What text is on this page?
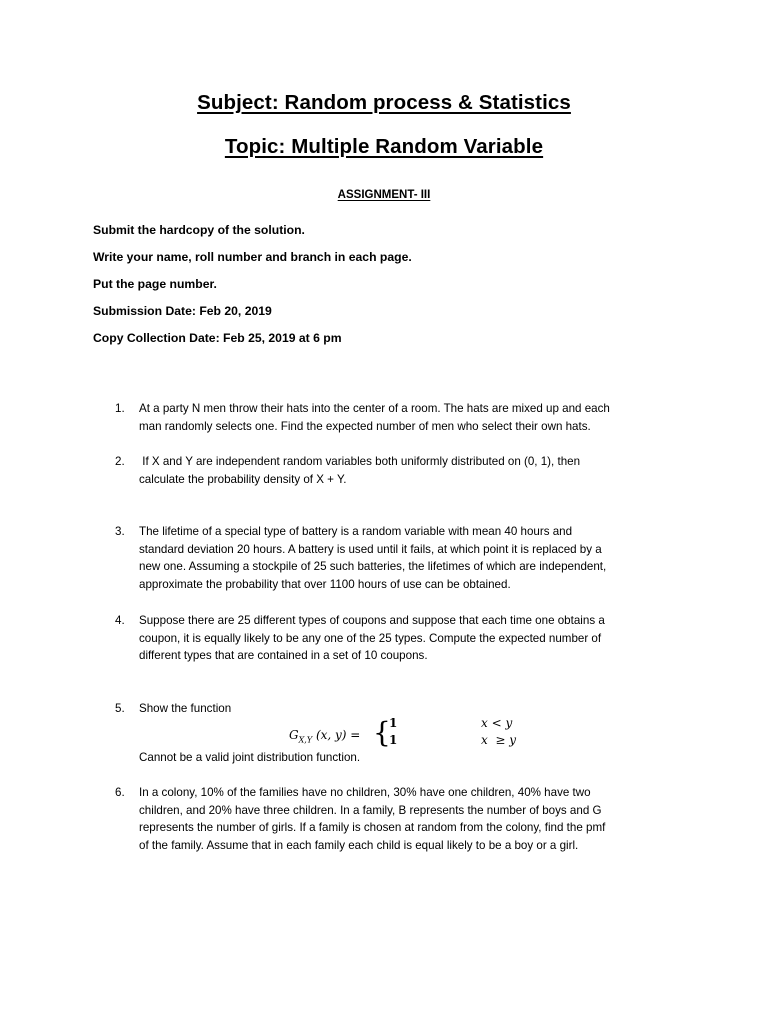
Subject: Random process & Statistics
Topic: Multiple Random Variable
ASSIGNMENT- III
Submit the hardcopy of the solution.
Write your name, roll number and branch in each page.
Put the page number.
Submission Date: Feb 20, 2019
Copy Collection Date: Feb 25, 2019 at 6 pm
1. At a party N men throw their hats into the center of a room. The hats are mixed up and each
man randomly selects one. Find the expected number of men who select their own hats.
2. If X and Y are independent random variables both uniformly distributed on (0, 1), then
calculate the probability density of X + Y.
3. The lifetime of a special type of battery is a random variable with mean 40 hours and
standard deviation 20 hours. A battery is used until it fails, at which point it is replaced by a
new one. Assuming a stockpile of 25 such batteries, the lifetimes of which are independent,
approximate the probability that over 1100 hours of use can be obtained.
4. Suppose there are 25 different types of coupons and suppose that each time one obtains a
coupon, it is equally likely to be any one of the 25 types. Compute the expected number of
different types that are contained in a set of 10 coupons.
5. Show the function
$G_{X,Y}$ (x, y) = {
1
1
x < y
x  ≥ y
Cannot be a valid joint distribution function.
6. In a colony, 10% of the families have no children, 30% have one children, 40% have two
children, and 20% have three children. In a family, B represents the number of boys and G
represents the number of girls. If a family is chosen at random from the colony, find the pmf
of the family. Assume that in each family each child is equal likely to be a boy or a girl.
